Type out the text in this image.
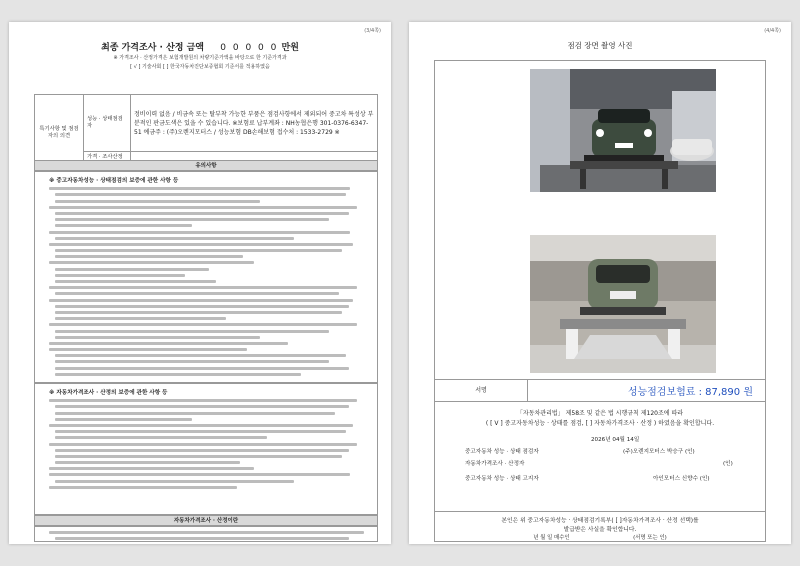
(3/4쪽)
최종 가격조사 · 산정 금액 0 0 0 0 0 만원
※ 가격조사 · 산정가격은 보험개발원의 차량기준가액을 바탕으로 한 기준가격과
[ √ ] 기술사회 [ ] 한국자동차진단보증협회 기준서를 적용하였음
특기사항 및 점검자의 의견	성능 · 상태점검자	정비이력 없음 / 비금속 또는 탈부착 가능한 부품은 점검사항에서 제외되어 중고차 특성상 부분적인 판금도색은 있을 수 있습니다. ※보험료 납부계좌 : NH농협은행 301-0376-6347-51 예금주 : (주)오렌지모터스 / 성능보험 DB손해보험 접수처 : 1533-2729 ※
	가격 · 조사산정	
유의사항
※ 중고자동차성능 · 상태점검의 보증에 관한 사항 등
※ 자동차가격조사 · 산정의 보증에 관한 사항 등
자동차가격조사 · 산정이란
(4/4쪽)
점검 장면 촬영 사진
서명	성능점검보험료 : 87,890 원
「자동차관리법」 제58조 및 같은 법 시행규칙 제120조에 따라
( [ V ] 중고자동차성능 · 상태를 점검, [ ] 자동차가격조사 · 산정 ) 하였음을 확인합니다.
2026년 04월 14일
중고자동차 성능 · 상태 점검자	(주)오렌지모터스 박승구 (인)
자동차가격조사 · 산정자	(인)
중고자동차 성능 · 상태 고지자	아인모터스 신향수 (인)
본인은 위 중고자동차성능 · 상태점검기록부( [ ]자동차가격조사 · 산정 선택)를
발급받은 사실을 확인합니다.
년 월 일 매수인	(서명 또는 인)
